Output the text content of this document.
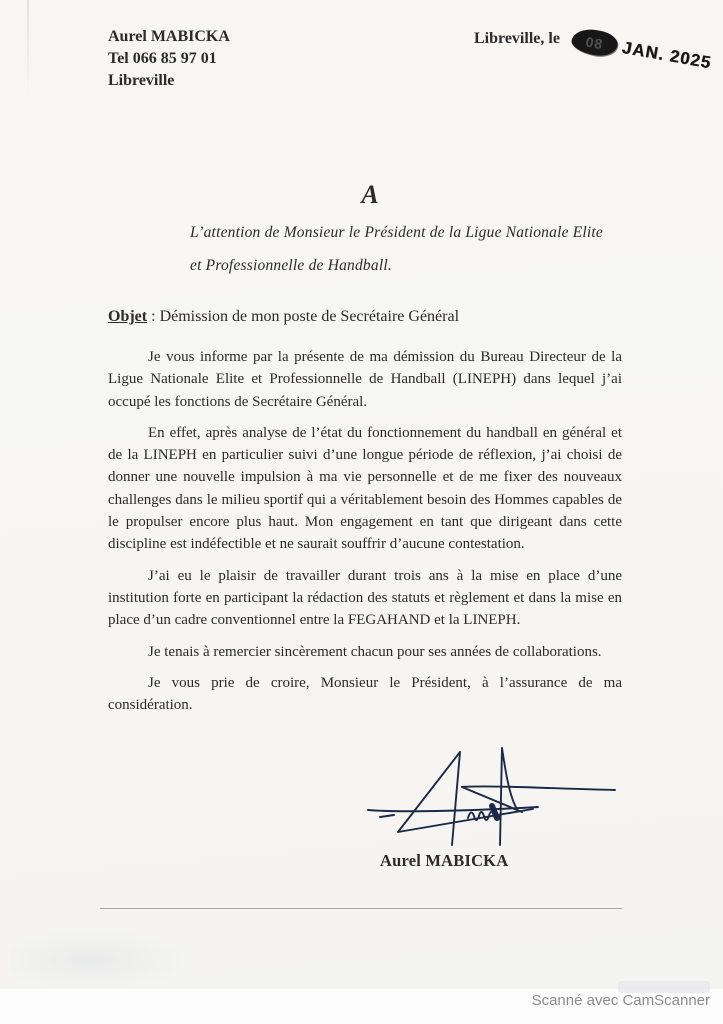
Aurel MABICKA
Tel 066 85 97 01
Libreville
Libreville, le 08 JAN. 2025
A
L’attention de Monsieur le Président de la Ligue Nationale Elite
et Professionnelle de Handball.
Objet : Démission de mon poste de Secrétaire Général

Je vous informe par la présente de ma démission du Bureau Directeur de la Ligue Nationale Elite et Professionnelle de Handball (LINEPH) dans lequel j’ai occupé les fonctions de Secrétaire Général.

En effet, après analyse de l’état du fonctionnement du handball en général et de la LINEPH en particulier suivi d’une longue période de réflexion, j’ai choisi de donner une nouvelle impulsion à ma vie personnelle et de me fixer des nouveaux challenges dans le milieu sportif qui a véritablement besoin des Hommes capables de le propulser encore plus haut. Mon engagement en tant que dirigeant dans cette discipline est indéfectible et ne saurait souffrir d’aucune contestation.

J’ai eu le plaisir de travailler durant trois ans à la mise en place d’une institution forte en participant la rédaction des statuts et règlement et dans la mise en place d’un cadre conventionnel entre la FEGAHAND et la LINEPH.

Je tenais à remercier sincèrement chacun pour ses années de collaborations.

Je vous prie de croire, Monsieur le Président, à l’assurance de ma considération.

Aurel MABICKA
Scanné avec CamScanner
